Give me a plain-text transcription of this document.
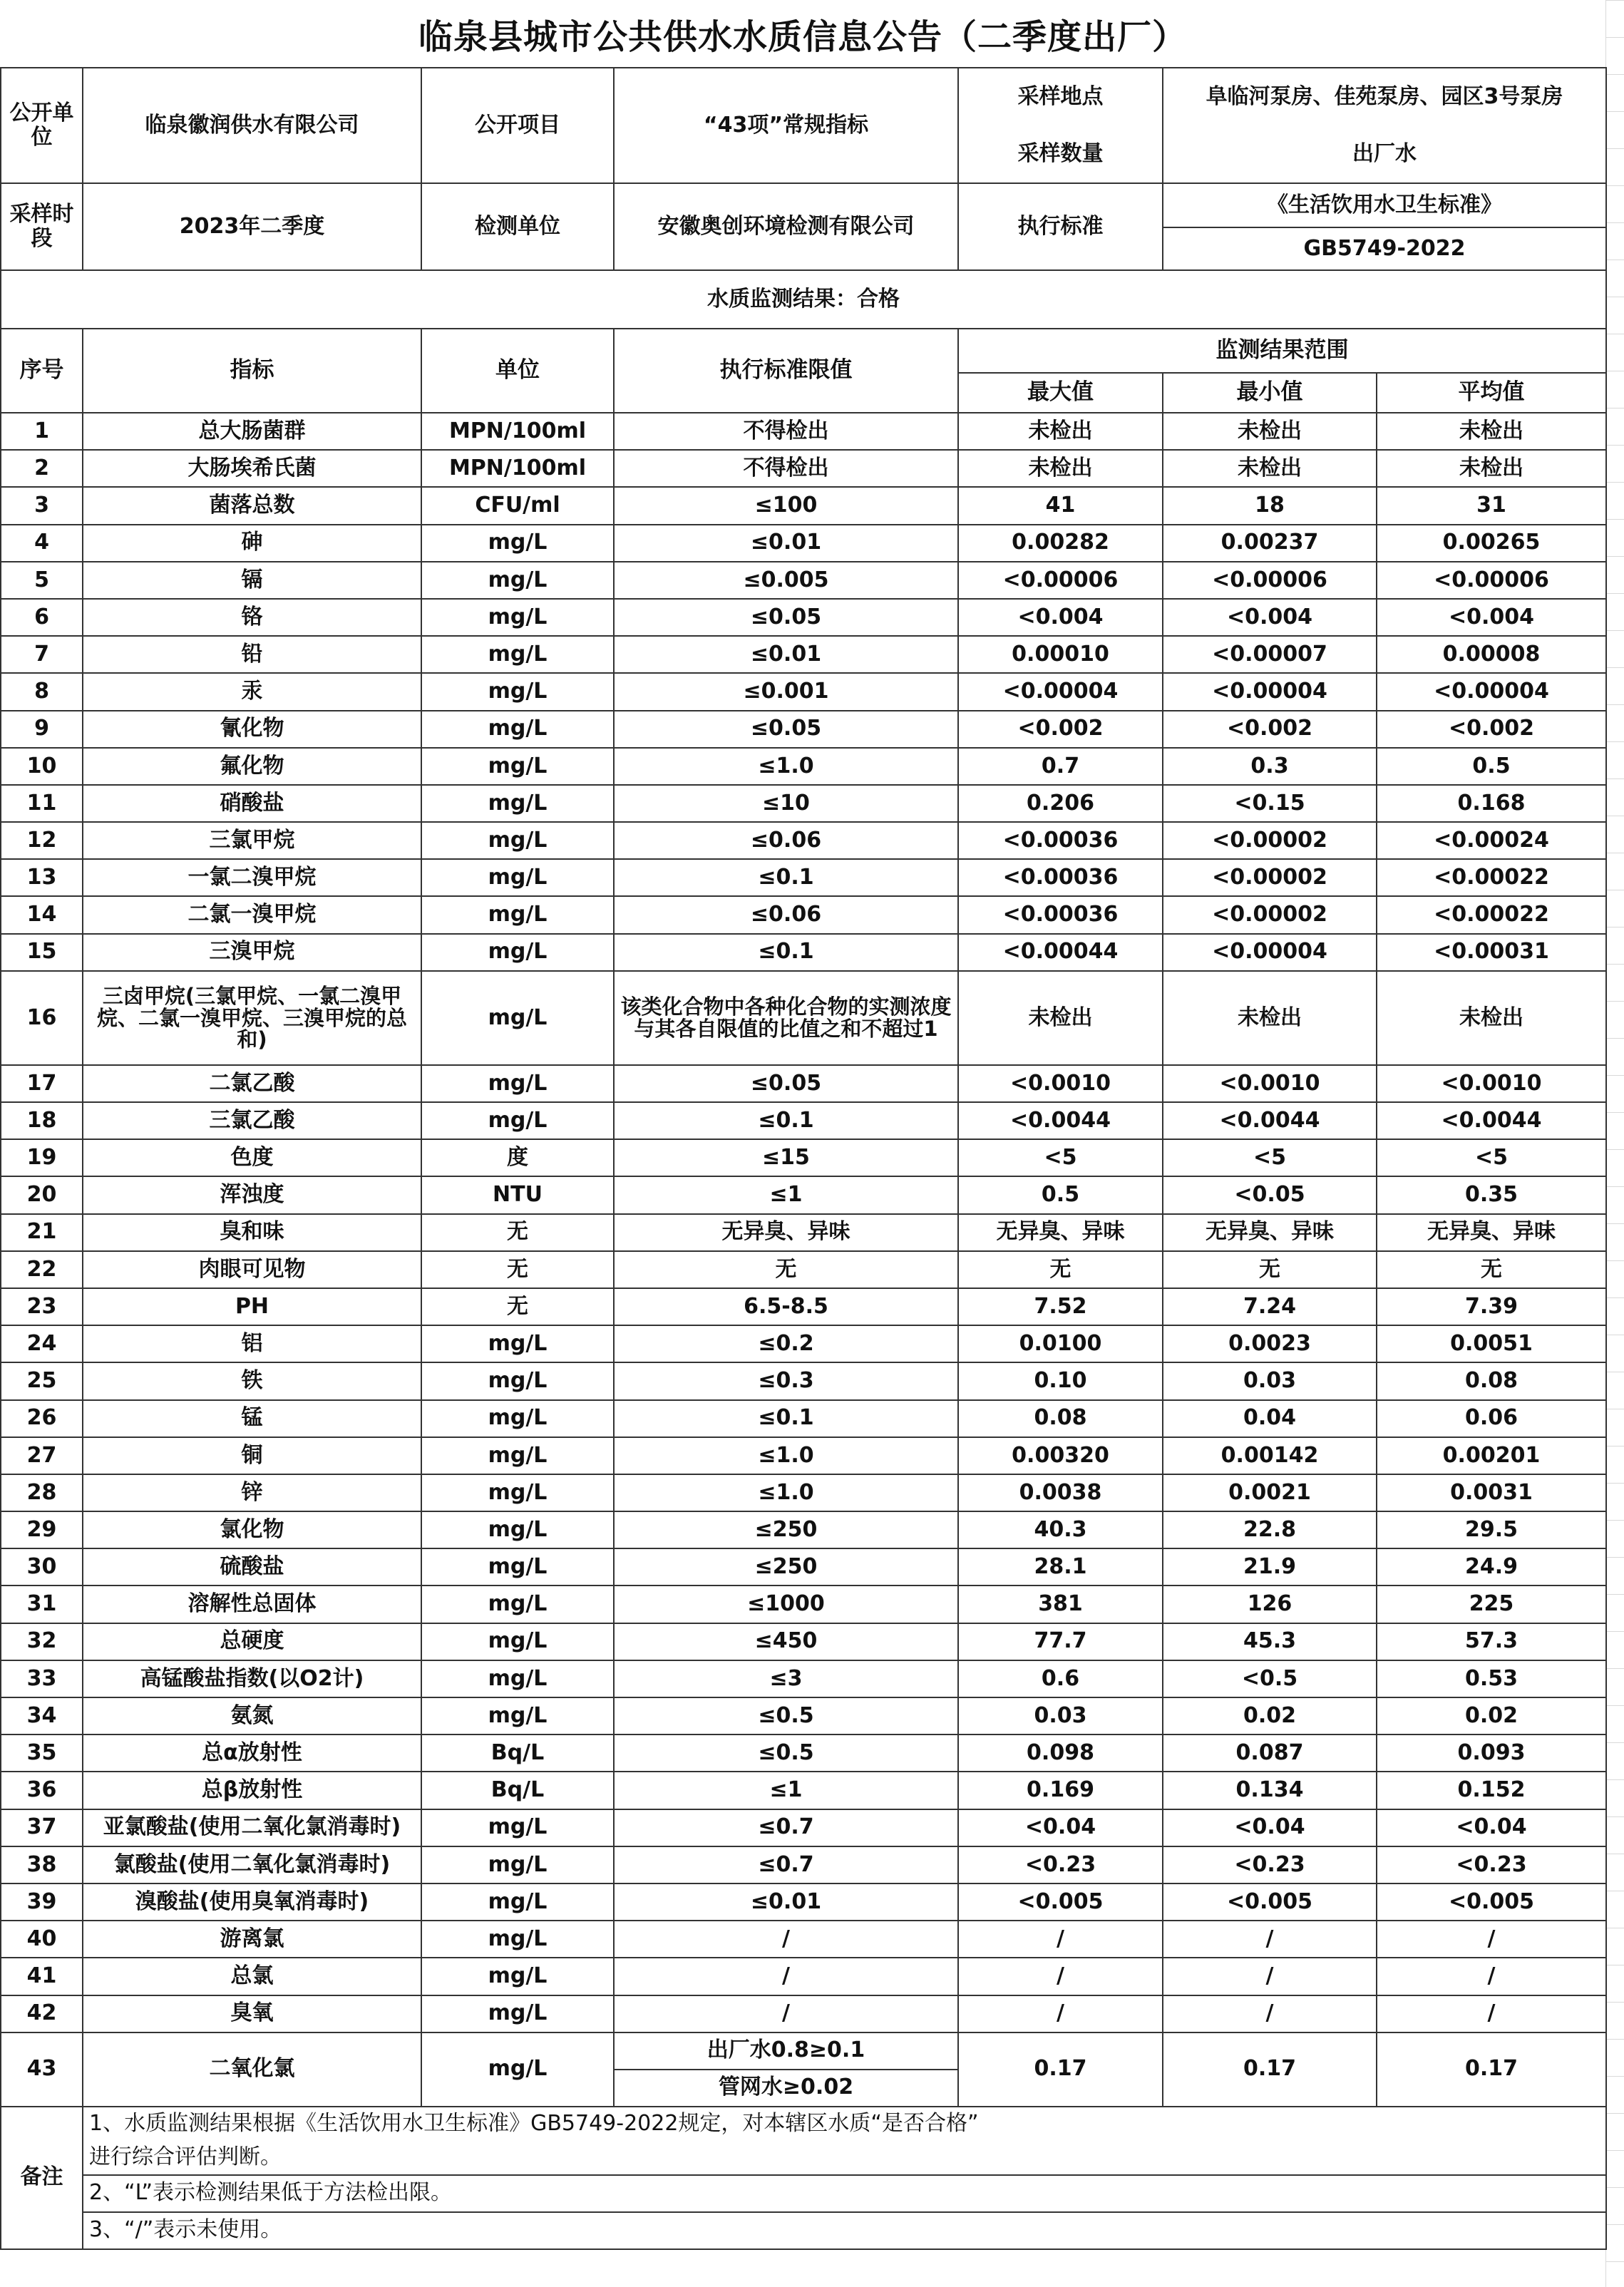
临泉县城市公共供水水质信息公告（二季度出厂）
公开单位	临泉徽润供水有限公司	公开项目	“43项”常规指标	采样地点
采样数量	阜临河泵房、佳苑泵房、园区3号泵房
出厂水	

采样时段	2023年二季度	检测单位	安徽奥创环境检测有限公司	执行标准	《生活饮用水卫生标准》	
					GB5749-2022	
水质监测结果：合格						
序号	指标	单位	执行标准限值	监测结果范围		
				最大值	最小值	平均值
1	总大肠菌群	MPN/100ml	不得检出	未检出	未检出	未检出
2	大肠埃希氏菌	MPN/100ml	不得检出	未检出	未检出	未检出
3	菌落总数	CFU/ml	≤100	41	18	31
4	砷	mg/L	≤0.01	0.00282	0.00237	0.00265
5	镉	mg/L	≤0.005	<0.00006	<0.00006	<0.00006
6	铬	mg/L	≤0.05	<0.004	<0.004	<0.004
7	铅	mg/L	≤0.01	0.00010	<0.00007	0.00008
8	汞	mg/L	≤0.001	<0.00004	<0.00004	<0.00004
9	氰化物	mg/L	≤0.05	<0.002	<0.002	<0.002
10	氟化物	mg/L	≤1.0	0.7	0.3	0.5
11	硝酸盐	mg/L	≤10	0.206	<0.15	0.168
12	三氯甲烷	mg/L	≤0.06	<0.00036	<0.00002	<0.00024
13	一氯二溴甲烷	mg/L	≤0.1	<0.00036	<0.00002	<0.00022
14	二氯一溴甲烷	mg/L	≤0.06	<0.00036	<0.00002	<0.00022
15	三溴甲烷	mg/L	≤0.1	<0.00044	<0.00004	<0.00031
16	三卤甲烷(三氯甲烷、一氯二溴甲烷、二氯一溴甲烷、三溴甲烷的总和)	mg/L	该类化合物中各种化合物的实测浓度与其各自限值的比值之和不超过1	未检出	未检出	未检出
17	二氯乙酸	mg/L	≤0.05	<0.0010	<0.0010	<0.0010
18	三氯乙酸	mg/L	≤0.1	<0.0044	<0.0044	<0.0044
19	色度	度	≤15	<5	<5	<5
20	浑浊度	NTU	≤1	0.5	<0.05	0.35
21	臭和味	无	无异臭、异味	无异臭、异味	无异臭、异味	无异臭、异味
22	肉眼可见物	无	无	无	无	无
23	PH	无	6.5-8.5	7.52	7.24	7.39
24	铝	mg/L	≤0.2	0.0100	0.0023	0.0051
25	铁	mg/L	≤0.3	0.10	0.03	0.08
26	锰	mg/L	≤0.1	0.08	0.04	0.06
27	铜	mg/L	≤1.0	0.00320	0.00142	0.00201
28	锌	mg/L	≤1.0	0.0038	0.0021	0.0031
29	氯化物	mg/L	≤250	40.3	22.8	29.5
30	硫酸盐	mg/L	≤250	28.1	21.9	24.9
31	溶解性总固体	mg/L	≤1000	381	126	225
32	总硬度	mg/L	≤450	77.7	45.3	57.3
33	高锰酸盐指数(以O2计)	mg/L	≤3	0.6	<0.5	0.53
34	氨氮	mg/L	≤0.5	0.03	0.02	0.02
35	总α放射性	Bq/L	≤0.5	0.098	0.087	0.093
36	总β放射性	Bq/L	≤1	0.169	0.134	0.152
37	亚氯酸盐(使用二氧化氯消毒时)	mg/L	≤0.7	<0.04	<0.04	<0.04
38	氯酸盐(使用二氧化氯消毒时)	mg/L	≤0.7	<0.23	<0.23	<0.23
39	溴酸盐(使用臭氧消毒时)	mg/L	≤0.01	<0.005	<0.005	<0.005
40	游离氯	mg/L	/	/	/	/
41	总氯	mg/L	/	/	/	/
42	臭氧	mg/L	/	/	/	/
43	二氧化氯	mg/L	出厂水0.8≥0.1	0.17	0.17	0.17
			管网水≥0.02			
备注	1、水质监测结果根据《生活饮用水卫生标准》GB5749-2022规定，对本辖区水质“是否合格”					
	进行综合评估判断。					
	2、“L”表示检测结果低于方法检出限。					
	3、“/”表示未使用。					
